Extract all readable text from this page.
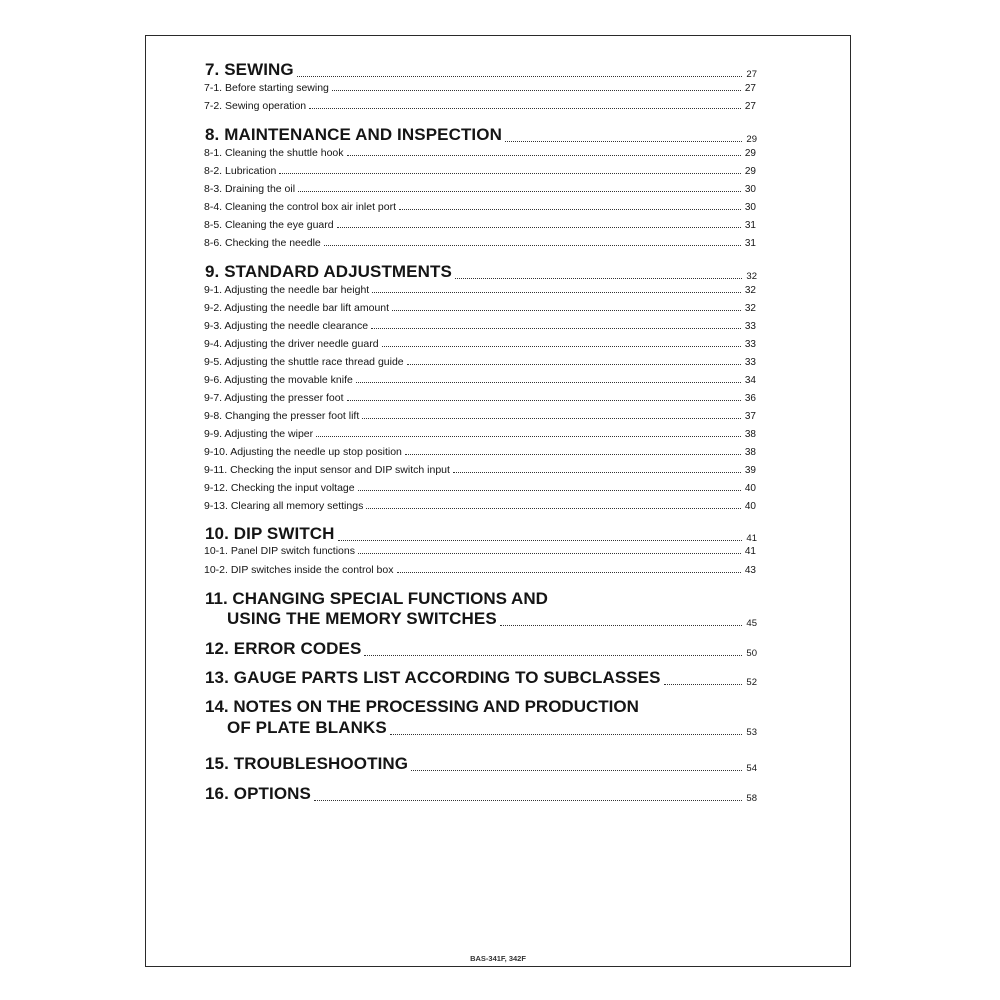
7. SEWING	27
7-1. Before starting sewing	27
7-2. Sewing operation	27
8. MAINTENANCE AND INSPECTION	29
8-1. Cleaning the shuttle hook	29
8-2. Lubrication	29
8-3. Draining the oil	30
8-4. Cleaning the control box air inlet port	30
8-5. Cleaning the eye guard	31
8-6. Checking the needle	31
9. STANDARD ADJUSTMENTS	32
9-1. Adjusting the needle bar height	32
9-2. Adjusting the needle bar lift amount	32
9-3. Adjusting the needle clearance	33
9-4. Adjusting the driver needle guard	33
9-5. Adjusting the shuttle race thread guide	33
9-6. Adjusting the movable knife	34
9-7. Adjusting the presser foot	36
9-8. Changing the presser foot lift	37
9-9. Adjusting the wiper	38
9-10. Adjusting the needle up stop position	38
9-11. Checking the input sensor and DIP switch input	39
9-12. Checking the input voltage	40
9-13. Clearing all memory settings	40
10. DIP SWITCH	41
10-1. Panel DIP switch functions	41
10-2. DIP switches inside the control box	43
11. CHANGING SPECIAL FUNCTIONS AND
USING THE MEMORY SWITCHES	45
12. ERROR CODES	50
13. GAUGE PARTS LIST ACCORDING TO SUBCLASSES	52
14. NOTES ON THE PROCESSING AND PRODUCTION
OF PLATE BLANKS	53
15. TROUBLESHOOTING	54
16. OPTIONS	58
BAS-341F, 342F
